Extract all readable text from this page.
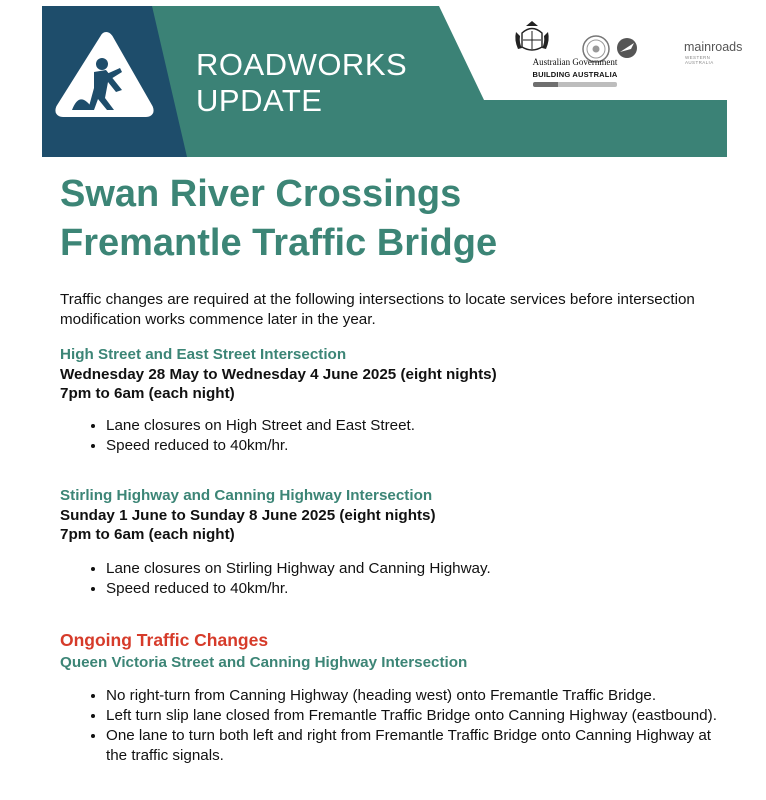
ROADWORKS
UPDATE
Australian Government
BUILDING AUSTRALIA
mainroads
WESTERN AUSTRALIA
Swan River Crossings
Fremantle Traffic Bridge

Traffic changes are required at the following intersections to locate services before intersection modification works commence later in the year.

High Street and East Street Intersection

Wednesday 28 May to Wednesday 4 June 2025 (eight nights)

7pm to 6am (each night)

• Lane closures on High Street and East Street.
• Speed reduced to 40km/hr.

Stirling Highway and Canning Highway Intersection

Sunday 1 June to Sunday 8 June 2025 (eight nights)

7pm to 6am (each night)

• Lane closures on Stirling Highway and Canning Highway.
• Speed reduced to 40km/hr.

Ongoing Traffic Changes

Queen Victoria Street and Canning Highway Intersection

• No right-turn from Canning Highway (heading west) onto Fremantle Traffic Bridge.
• Left turn slip lane closed from Fremantle Traffic Bridge onto Canning Highway (eastbound).
• One lane to turn both left and right from Fremantle Traffic Bridge onto Canning Highway at the traffic signals.
